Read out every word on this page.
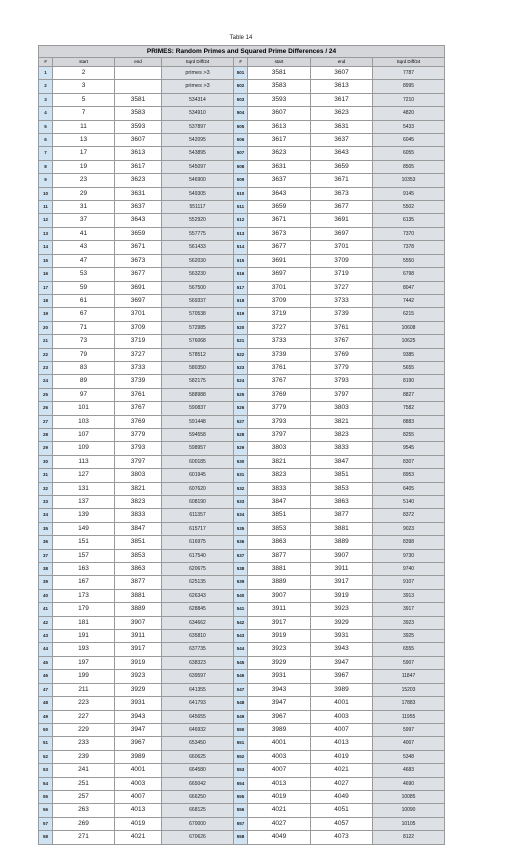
Table 14
PRIMES: Random Primes and Squared Prime Differences / 24							
#	start	end	Sqrd Diff/24	#	start	end	Sqrd Diff/24
1	2		primes >3	501	3581	3607	7787
2	3		primes >3	502	3583	3613	8995
3	5	3581	534314	503	3593	3617	7210
4	7	3583	534910	504	3607	3623	4820
5	11	3593	537897	505	3613	3631	5433
6	13	3607	542095	506	3617	3637	6045
7	17	3613	543895	507	3623	3643	6055
8	19	3617	545097	508	3631	3659	8505
9	23	3623	546900	509	3637	3671	10353
10	29	3631	549305	510	3643	3673	9145
11	31	3637	551117	511	3659	3677	5502
12	37	3643	552920	512	3671	3691	6135
13	41	3659	557775	513	3673	3697	7370
14	43	3671	561433	514	3677	3701	7378
15	47	3673	562030	515	3691	3709	5550
16	53	3677	563230	516	3697	3719	6798
17	59	3691	567500	517	3701	3727	8047
18	61	3697	569337	518	3709	3733	7442
19	67	3701	570538	519	3719	3739	6215
20	71	3709	572985	520	3727	3761	10608
21	73	3719	576068	521	3733	3767	10625
22	79	3727	578512	522	3739	3769	9385
23	83	3733	580350	523	3761	3779	5655
24	89	3739	582175	524	3767	3793	8190
25	97	3761	588988	525	3769	3797	8827
26	101	3767	590837	526	3779	3803	7582
27	103	3769	591448	527	3793	3821	8883
28	107	3779	594558	528	3797	3823	8255
29	109	3793	598957	529	3803	3833	9545
30	113	3797	600185	530	3821	3847	8307
31	127	3803	601945	531	3823	3851	8953
32	131	3821	607620	532	3833	3853	6405
33	137	3823	608190	533	3847	3863	5140
34	139	3833	611357	534	3851	3877	8372
35	149	3847	615717	535	3853	3881	9023
36	151	3851	616975	536	3863	3889	8398
37	157	3853	617540	537	3877	3907	9730
38	163	3863	620675	538	3881	3911	9740
39	167	3877	625135	539	3889	3917	9107
40	173	3881	626343	540	3907	3919	3913
41	179	3889	628845	541	3911	3923	3917
42	181	3907	634662	542	3917	3929	3923
43	191	3911	635810	543	3919	3931	3925
44	193	3917	637735	544	3923	3943	6555
45	197	3919	638323	545	3929	3947	5907
46	199	3923	639597	546	3931	3967	11847
47	211	3929	641355	547	3943	3989	15203
48	223	3931	641793	548	3947	4001	17883
49	227	3943	645655	549	3967	4003	11955
50	229	3947	646932	550	3989	4007	5997
51	233	3967	653450	551	4001	4013	4007
52	239	3989	660625	552	4003	4019	5348
53	241	4001	664580	553	4007	4021	4683
54	251	4003	665042	554	4013	4027	4690
55	257	4007	666250	555	4019	4049	10085
56	263	4013	668125	556	4021	4051	10090
57	269	4019	670000	557	4027	4057	10105
58	271	4021	670626	558	4049	4073	8122
